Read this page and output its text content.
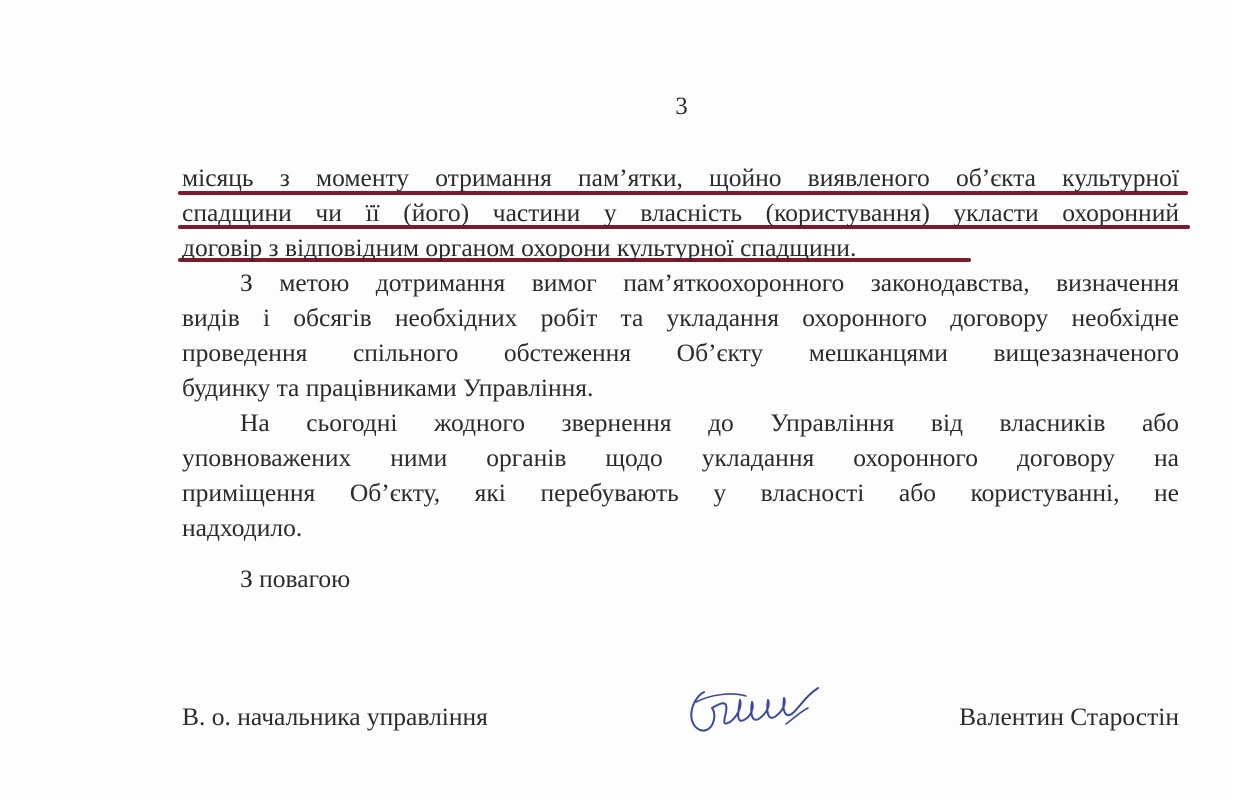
3
місяць з моменту отримання пам’ятки, щойно виявленого об’єкта культурної
спадщини чи її (його) частини у власність (користування) укласти охоронний
договір з відповідним органом охорони культурної спадщини.
З метою дотримання вимог пам’яткоохоронного законодавства, визначення
видів і обсягів необхідних робіт та укладання охоронного договору необхідне
проведення спільного обстеження Об’єкту мешканцями вищезазначеного
будинку та працівниками Управління.
На сьогодні жодного звернення до Управління від власників або
уповноважених ними органів щодо укладання охоронного договору на
приміщення Об’єкту, які перебувають у власності або користуванні, не
надходило.
З повагою
В. о. начальника управління	Валентин Старостін
